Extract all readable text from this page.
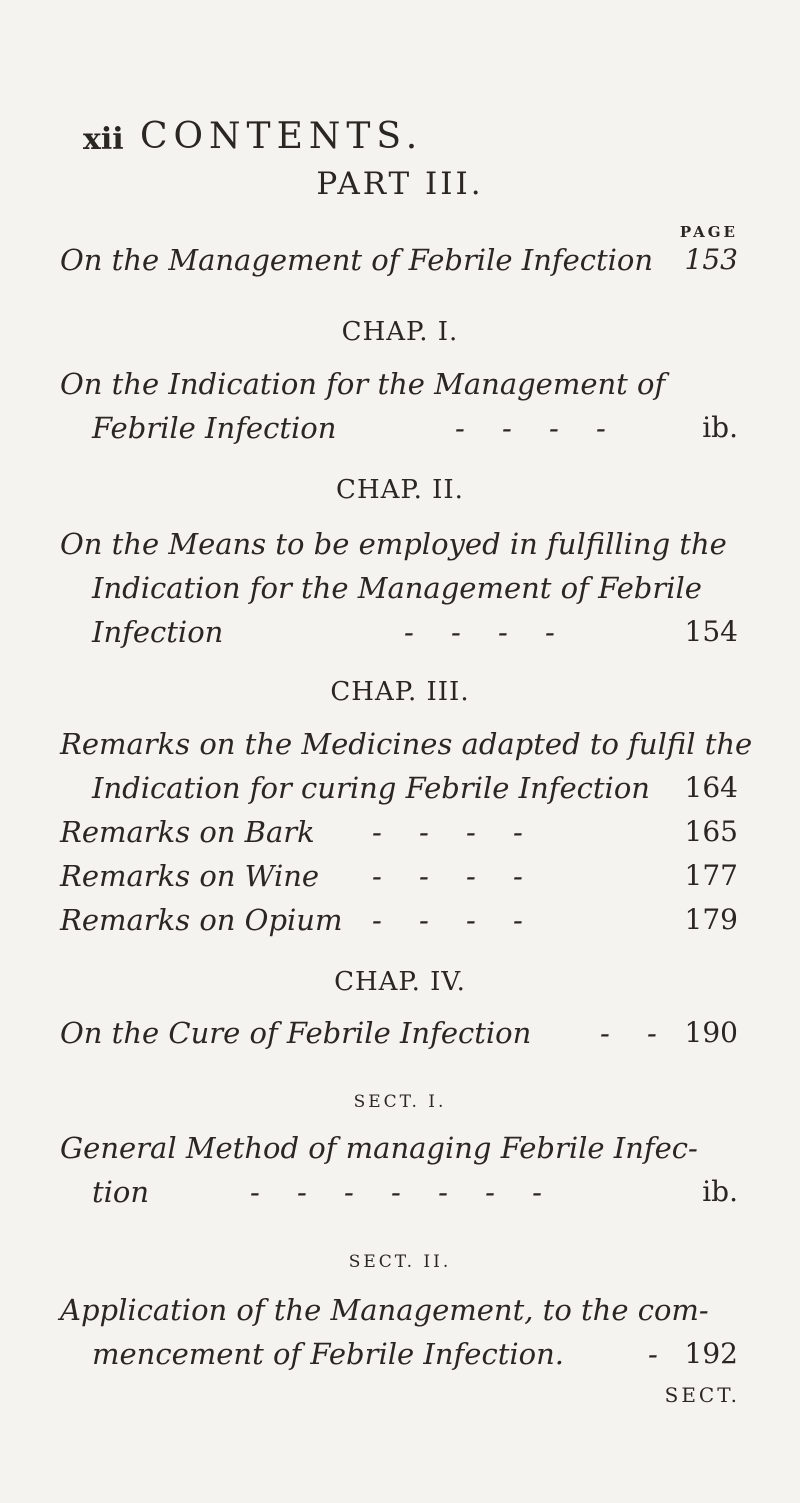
xii CONTENTS.
PART III.
PAGE
On the Management of Febrile Infection 153
CHAP. I.
On the Indication for the Management of
Febrile Infection	- - - -	ib.
CHAP. II.
On the Means to be employed in fulfilling the
Indication for the Management of Febrile
Infection	- - - -	154
CHAP. III.
Remarks on the Medicines adapted to fulfil the
Indication for curing Febrile Infection 164
Remarks on Bark - - - -	165
Remarks on Wine - - - -	177
Remarks on Opium - - - -	179
CHAP. IV.
On the Cure of Febrile Infection - - 190
SECT. I.
General Method of managing Febrile Infec-
tion	- - - - - - -	ib.
SECT. II.
Application of the Management, to the com-
mencement of Febrile Infection.	- 192
SECT.
